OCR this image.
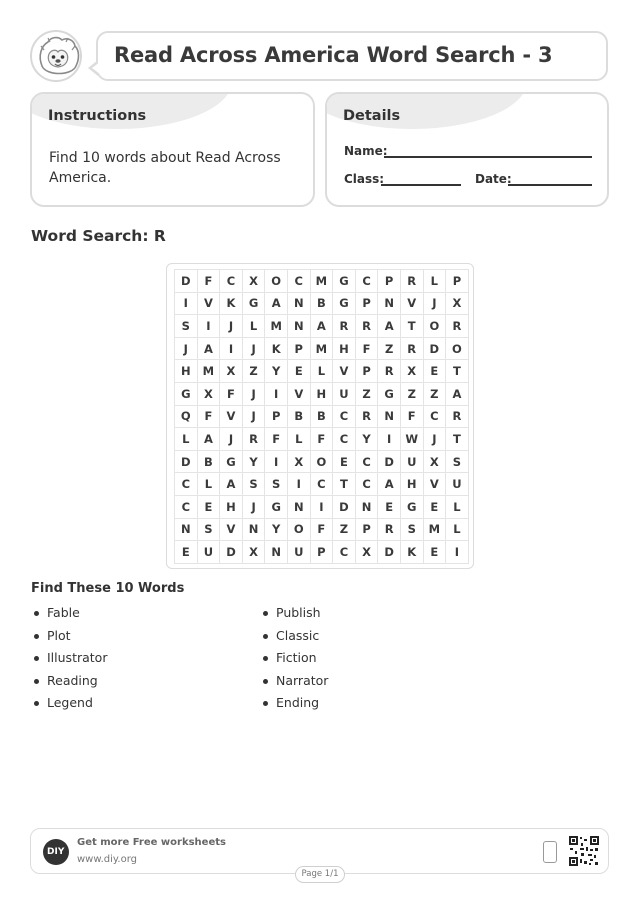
Read Across America Word Search - 3
Instructions
Find 10 words about Read Across America.
Details
Name:
Class:	Date:
Word Search: R
D	F	C	X	O	C	M	G	C	P	R	L	P
I	V	K	G	A	N	B	G	P	N	V	J	X
S	I	J	L	M	N	A	R	R	A	T	O	R
J	A	I	J	K	P	M	H	F	Z	R	D	O
H	M	X	Z	Y	E	L	V	P	R	X	E	T
G	X	F	J	I	V	H	U	Z	G	Z	Z	A
Q	F	V	J	P	B	B	C	R	N	F	C	R
L	A	J	R	F	L	F	C	Y	I	W	J	T
D	B	G	Y	I	X	O	E	C	D	U	X	S
C	L	A	S	S	I	C	T	C	A	H	V	U
C	E	H	J	G	N	I	D	N	E	G	E	L
N	S	V	N	Y	O	F	Z	P	R	S	M	L
E	U	D	X	N	U	P	C	X	D	K	E	I
Find These 10 Words
Fable
Plot
Illustrator
Reading
Legend
Publish
Classic
Fiction
Narrator
Ending
DIY
Get more Free worksheets
www.diy.org
Page 1/1
